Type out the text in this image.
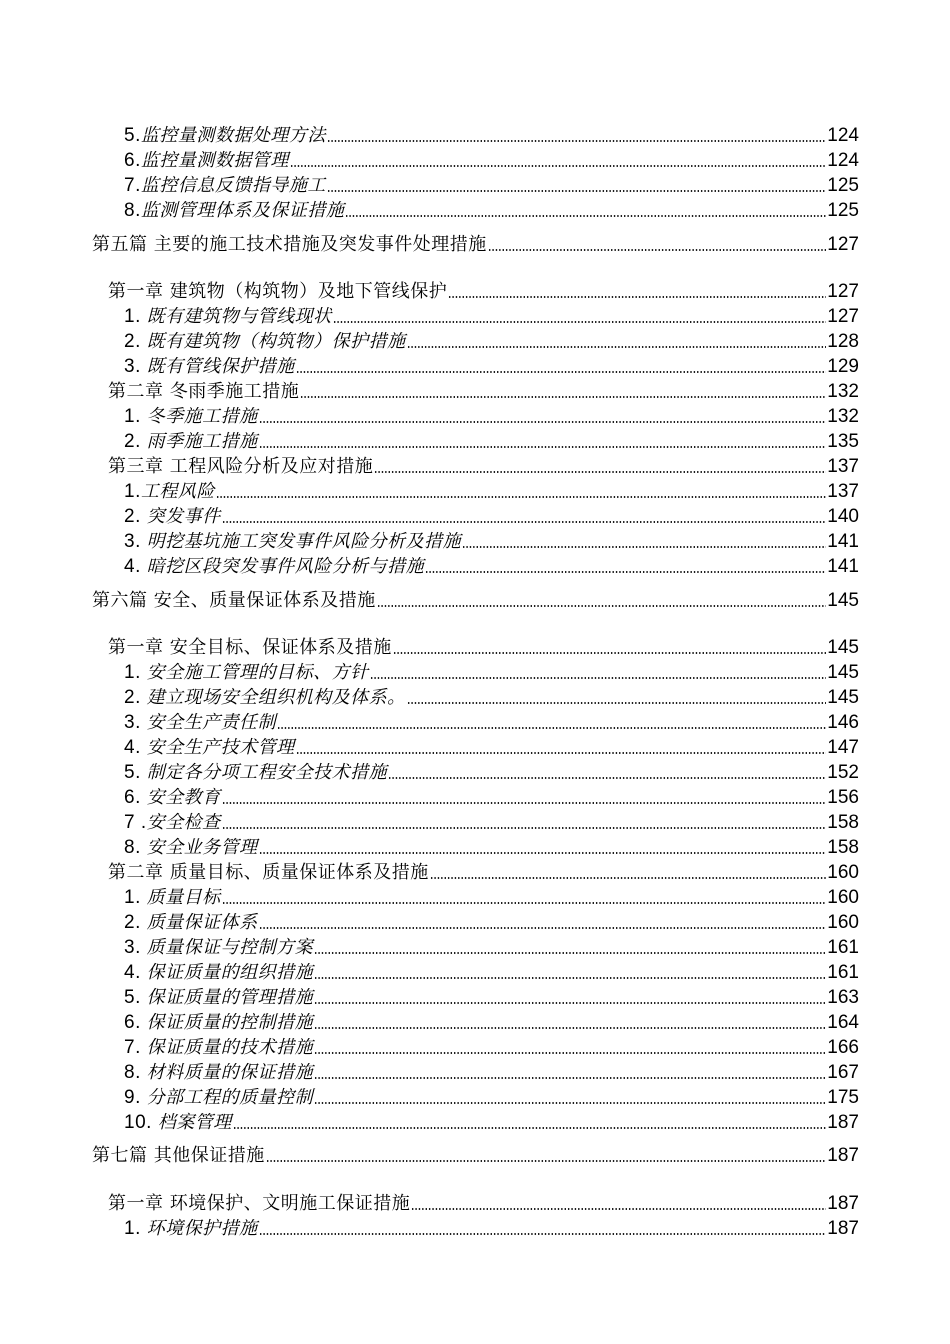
5.监控量测数据处理方法	124
6.监控量测数据管理	124
7.监控信息反馈指导施工	125
8.监测管理体系及保证措施	125
第五篇 主要的施工技术措施及突发事件处理措施	127
第一章 建筑物（构筑物）及地下管线保护	127
1. 既有建筑物与管线现状	127
2. 既有建筑物（构筑物）保护措施	128
3. 既有管线保护措施	129
第二章 冬雨季施工措施	132
1. 冬季施工措施	132
2. 雨季施工措施	135
第三章 工程风险分析及应对措施	137
1.工程风险	137
2. 突发事件	140
3. 明挖基坑施工突发事件风险分析及措施	141
4. 暗挖区段突发事件风险分析与措施	141
第六篇 安全、质量保证体系及措施	145
第一章 安全目标、保证体系及措施	145
1. 安全施工管理的目标、方针	145
2. 建立现场安全组织机构及体系。	145
3. 安全生产责任制	146
4. 安全生产技术管理	147
5. 制定各分项工程安全技术措施	152
6. 安全教育	156
7 .安全检查	158
8. 安全业务管理	158
第二章 质量目标、质量保证体系及措施	160
1. 质量目标	160
2. 质量保证体系	160
3. 质量保证与控制方案	161
4. 保证质量的组织措施	161
5. 保证质量的管理措施	163
6. 保证质量的控制措施	164
7. 保证质量的技术措施	166
8. 材料质量的保证措施	167
9. 分部工程的质量控制	175
10. 档案管理	187
第七篇 其他保证措施	187
第一章 环境保护、文明施工保证措施	187
1. 环境保护措施	187
